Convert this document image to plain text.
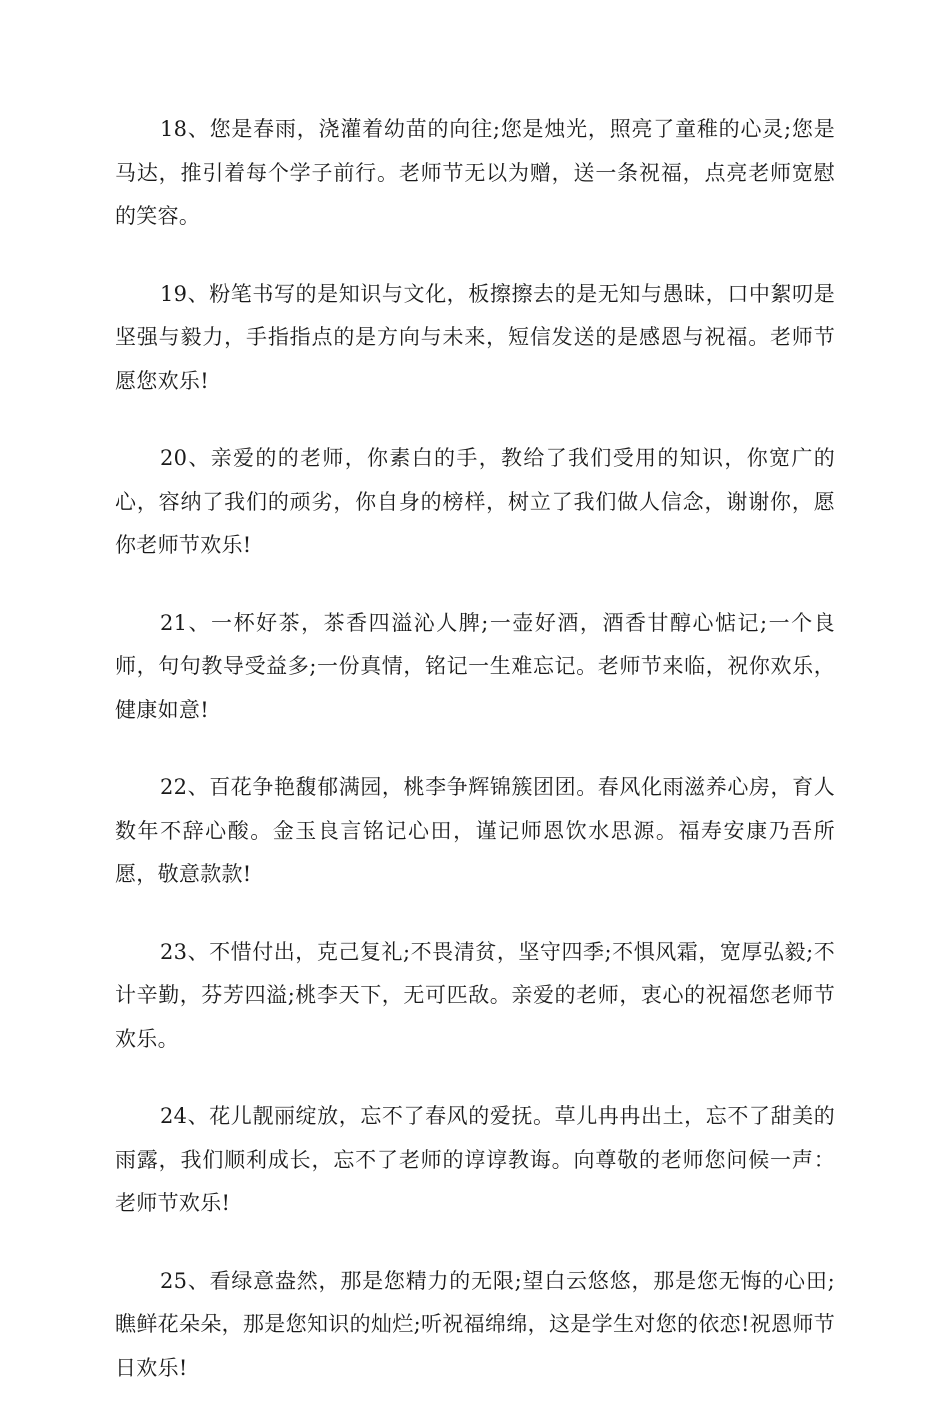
18、您是春雨，浇灌着幼苗的向往;您是烛光，照亮了童稚的心灵;您是马达，推引着每个学子前行。老师节无以为赠，送一条祝福，点亮老师宽慰的笑容。

19、粉笔书写的是知识与文化，板擦擦去的是无知与愚昧，口中絮叨是坚强与毅力，手指指点的是方向与未来，短信发送的是感恩与祝福。老师节愿您欢乐!

20、亲爱的的老师，你素白的手，教给了我们受用的知识，你宽广的心，容纳了我们的顽劣，你自身的榜样，树立了我们做人信念，谢谢你，愿你老师节欢乐!

21、一杯好茶，茶香四溢沁人脾;一壶好酒，酒香甘醇心惦记;一个良师，句句教导受益多;一份真情，铭记一生难忘记。老师节来临，祝你欢乐，健康如意!

22、百花争艳馥郁满园，桃李争辉锦簇团团。春风化雨滋养心房，育人数年不辞心酸。金玉良言铭记心田，谨记师恩饮水思源。福寿安康乃吾所愿，敬意款款!

23、不惜付出，克己复礼;不畏清贫，坚守四季;不惧风霜，宽厚弘毅;不计辛勤，芬芳四溢;桃李天下，无可匹敌。亲爱的老师，衷心的祝福您老师节欢乐。

24、花儿靓丽绽放，忘不了春风的爱抚。草儿冉冉出土，忘不了甜美的雨露，我们顺利成长，忘不了老师的谆谆教诲。向尊敬的老师您问候一声：老师节欢乐!

25、看绿意盎然，那是您精力的无限;望白云悠悠，那是您无悔的心田;瞧鲜花朵朵，那是您知识的灿烂;听祝福绵绵，这是学生对您的依恋!祝恩师节日欢乐!
